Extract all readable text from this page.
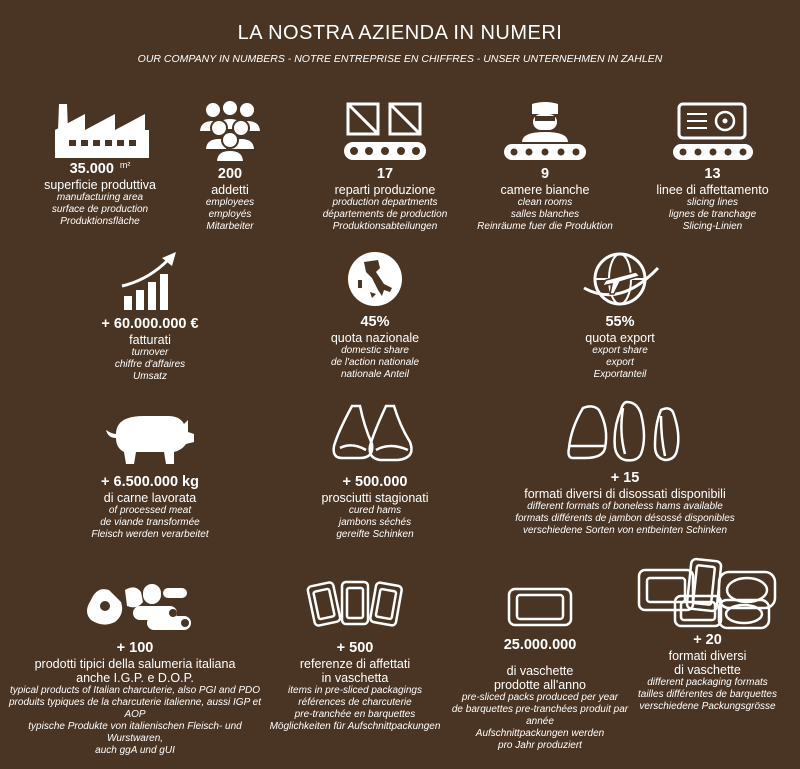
LA NOSTRA AZIENDA IN NUMERI
OUR COMPANY IN NUMBERS - NOTRE ENTREPRISE EN CHIFFRES - UNSER UNTERNEHMEN IN ZAHLEN
35.000 $^{m^2}$
superficie produttiva
manufacturing area
surface de production
Produktionsfläche
200
addetti
employees
employés
Mitarbeiter
17
reparti produzione
production departments
départements de production
Produktionsabteilungen
9
camere bianche
clean rooms
salles blanches
Reinräume fuer die Produktion
13
linee di affettamento
slicing lines
lignes de tranchage
Slicing-Linien
+ 60.000.000 €
fatturati
turnover
chiffre d'affaires
Umsatz
45%
quota nazionale
domestic share
de l'action nationale
nationale Anteil
55%
quota export
export share
export
Exportanteil
+ 6.500.000 kg
di carne lavorata
of processed meat
de viande transformée
Fleisch werden verarbeitet
+ 500.000
prosciutti stagionati
cured hams
jambons séchés
gereifte Schinken
+ 15
formati diversi di disossati disponibili
different formats of boneless hams available
formats différents de jambon désossé disponibles
verschiedene Sorten von entbeinten Schinken
+ 100
prodotti tipici della salumeria italiana
anche I.G.P. e D.O.P.
typical products of Italian charcuterie, also PGI and PDO
produits typiques de la charcuterie italienne, aussi IGP et AOP
typische Produkte von italienischen Fleisch- und Wurstwaren,
auch ggA und gUI
+ 500
referenze di affettati
in vaschetta
items in pre-sliced packagings
références de charcuterie
pre-tranchée en barquettes
Möglichkeiten für Aufschnittpackungen
25.000.000
di vaschette
prodotte all'anno
pre-sliced packs produced per year
de barquettes pre-tranchées produit par année
Aufschnittpackungen werden
pro Jahr produziert
+ 20
formati diversi
di vaschette
different packaging formats
tailles différentes de barquettes
verschiedene Packungsgrösse
